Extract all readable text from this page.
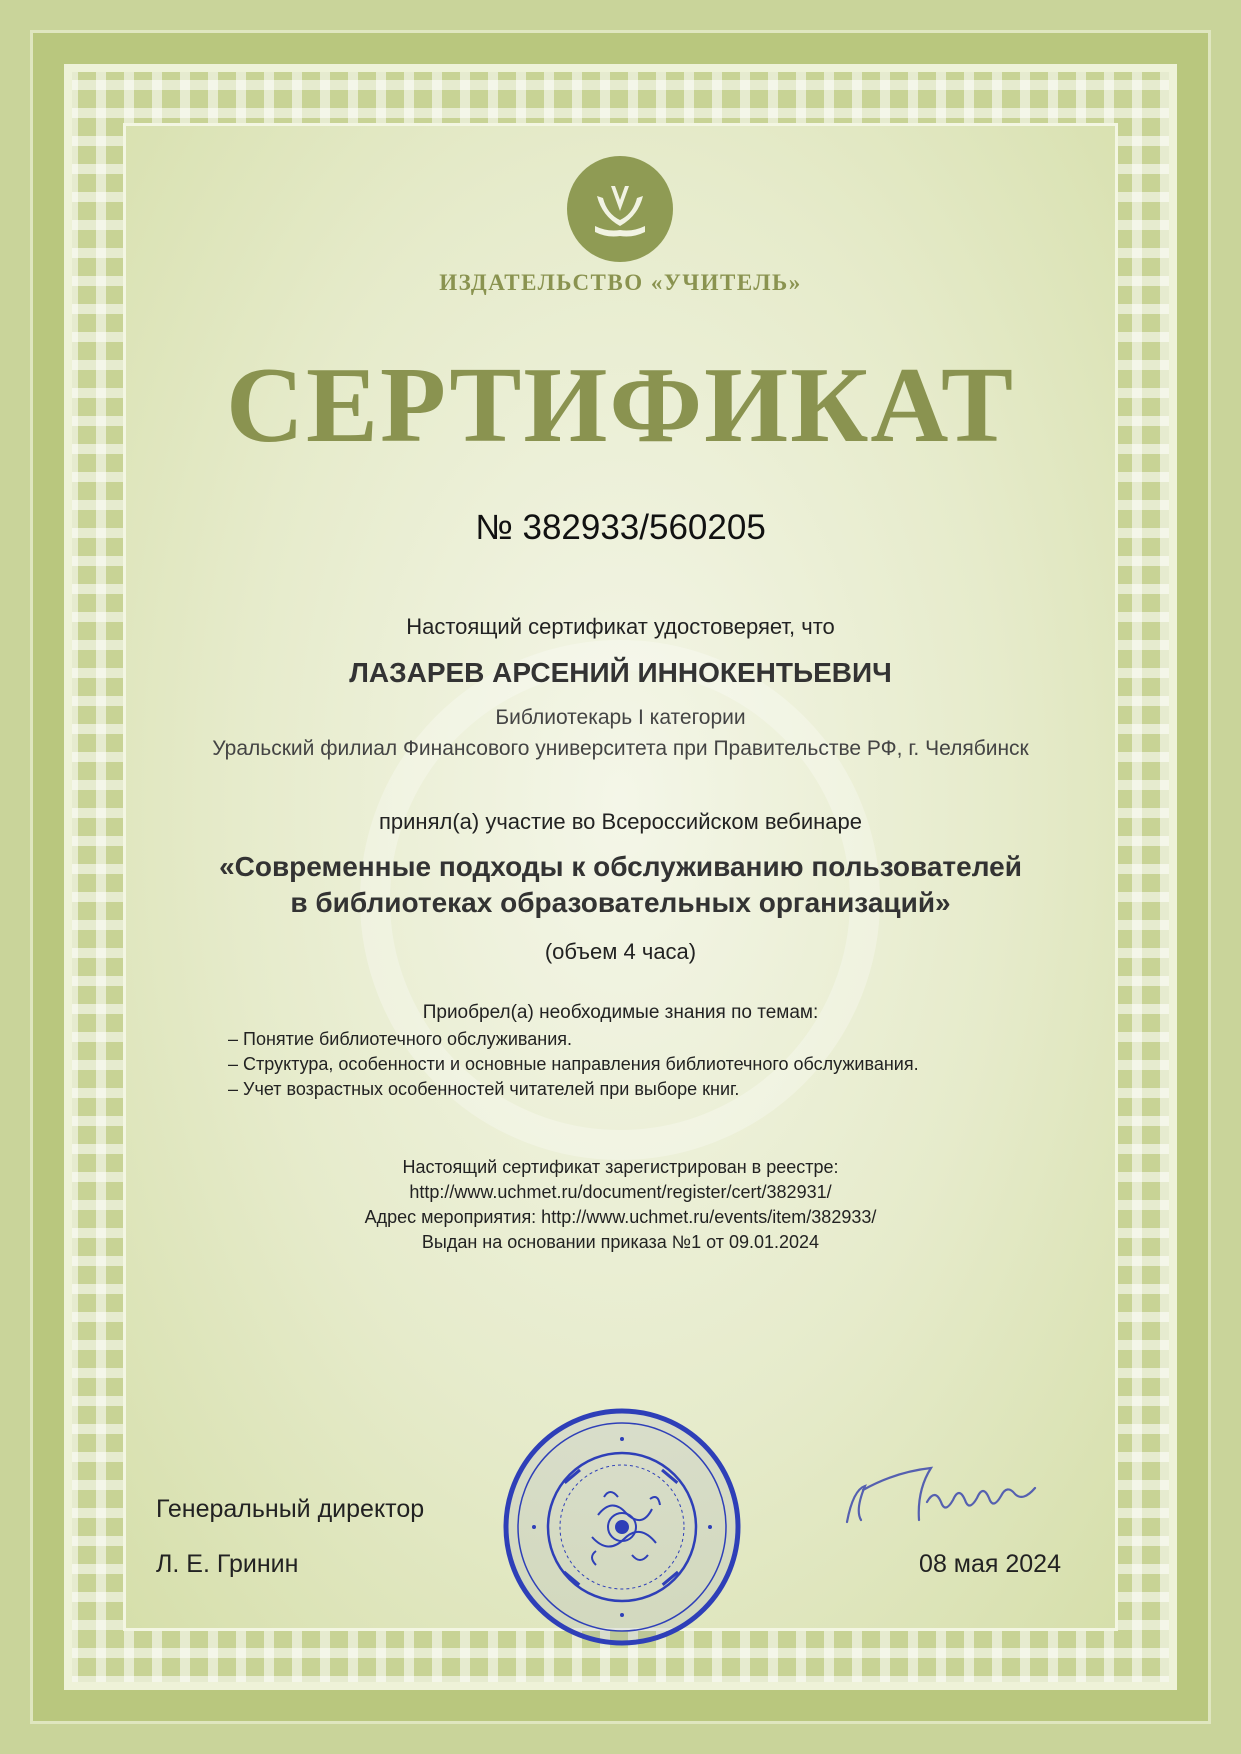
ИЗДАТЕЛЬСТВО «УЧИТЕЛЬ»
СЕРТИФИКАТ
№ 382933/560205
Настоящий сертификат удостоверяет, что
ЛАЗАРЕВ АРСЕНИЙ ИННОКЕНТЬЕВИЧ
Библиотекарь I категории
Уральский филиал Финансового университета при Правительстве РФ, г. Челябинск
принял(а) участие во Всероссийском вебинаре
«Современные подходы к обслуживанию пользователей
в библиотеках образовательных организаций»
(объем 4 часа)
Приобрел(а) необходимые знания по темам:
– Понятие библиотечного обслуживания.
– Структура, особенности и основные направления библиотечного обслуживания.
– Учет возрастных особенностей читателей при выборе книг.
Настоящий сертификат зарегистрирован в реестре:
http://www.uchmet.ru/document/register/cert/382931/
Адрес мероприятия: http://www.uchmet.ru/events/item/382933/
Выдан на основании приказа №1 от 09.01.2024
Генеральный директор
Л. Е. Гринин	08 мая 2024
